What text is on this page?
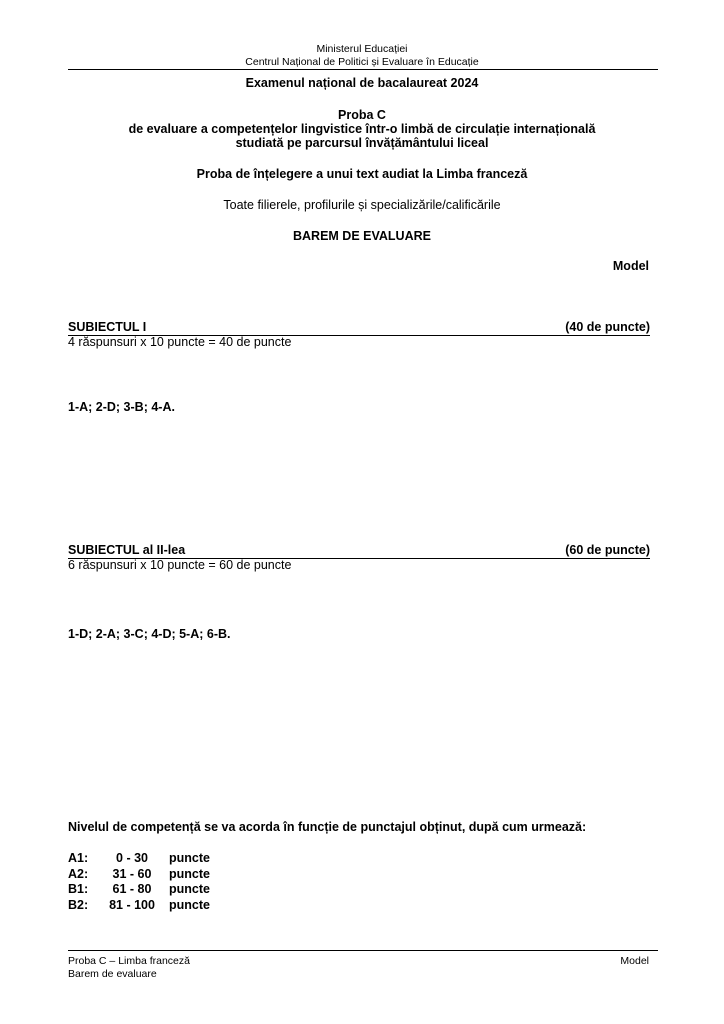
Ministerul Educației
Centrul Național de Politici și Evaluare în Educație
Examenul național de bacalaureat 2024
Proba C
de evaluare a competențelor lingvistice într-o limbă de circulație internațională
studiată pe parcursul învățământului liceal
Proba de înțelegere a unui text audiat la Limba franceză
Toate filierele, profilurile și specializările/calificările
BAREM DE EVALUARE
Model
SUBIECTUL I	(40 de puncte)
4 răspunsuri x 10 puncte = 40 de puncte
1-A; 2-D; 3-B; 4-A.
SUBIECTUL al II-lea	(60 de puncte)
6 răspunsuri x 10 puncte = 60 de puncte
1-D; 2-A; 3-C; 4-D; 5-A; 6-B.
Nivelul de competență se va acorda în funcție de punctajul obținut, după cum urmează:
A1:	0 - 30	puncte
A2:	31 - 60	puncte
B1:	61 - 80	puncte
B2:	81 - 100	puncte
Proba C – Limba franceză
Barem de evaluare
Model
